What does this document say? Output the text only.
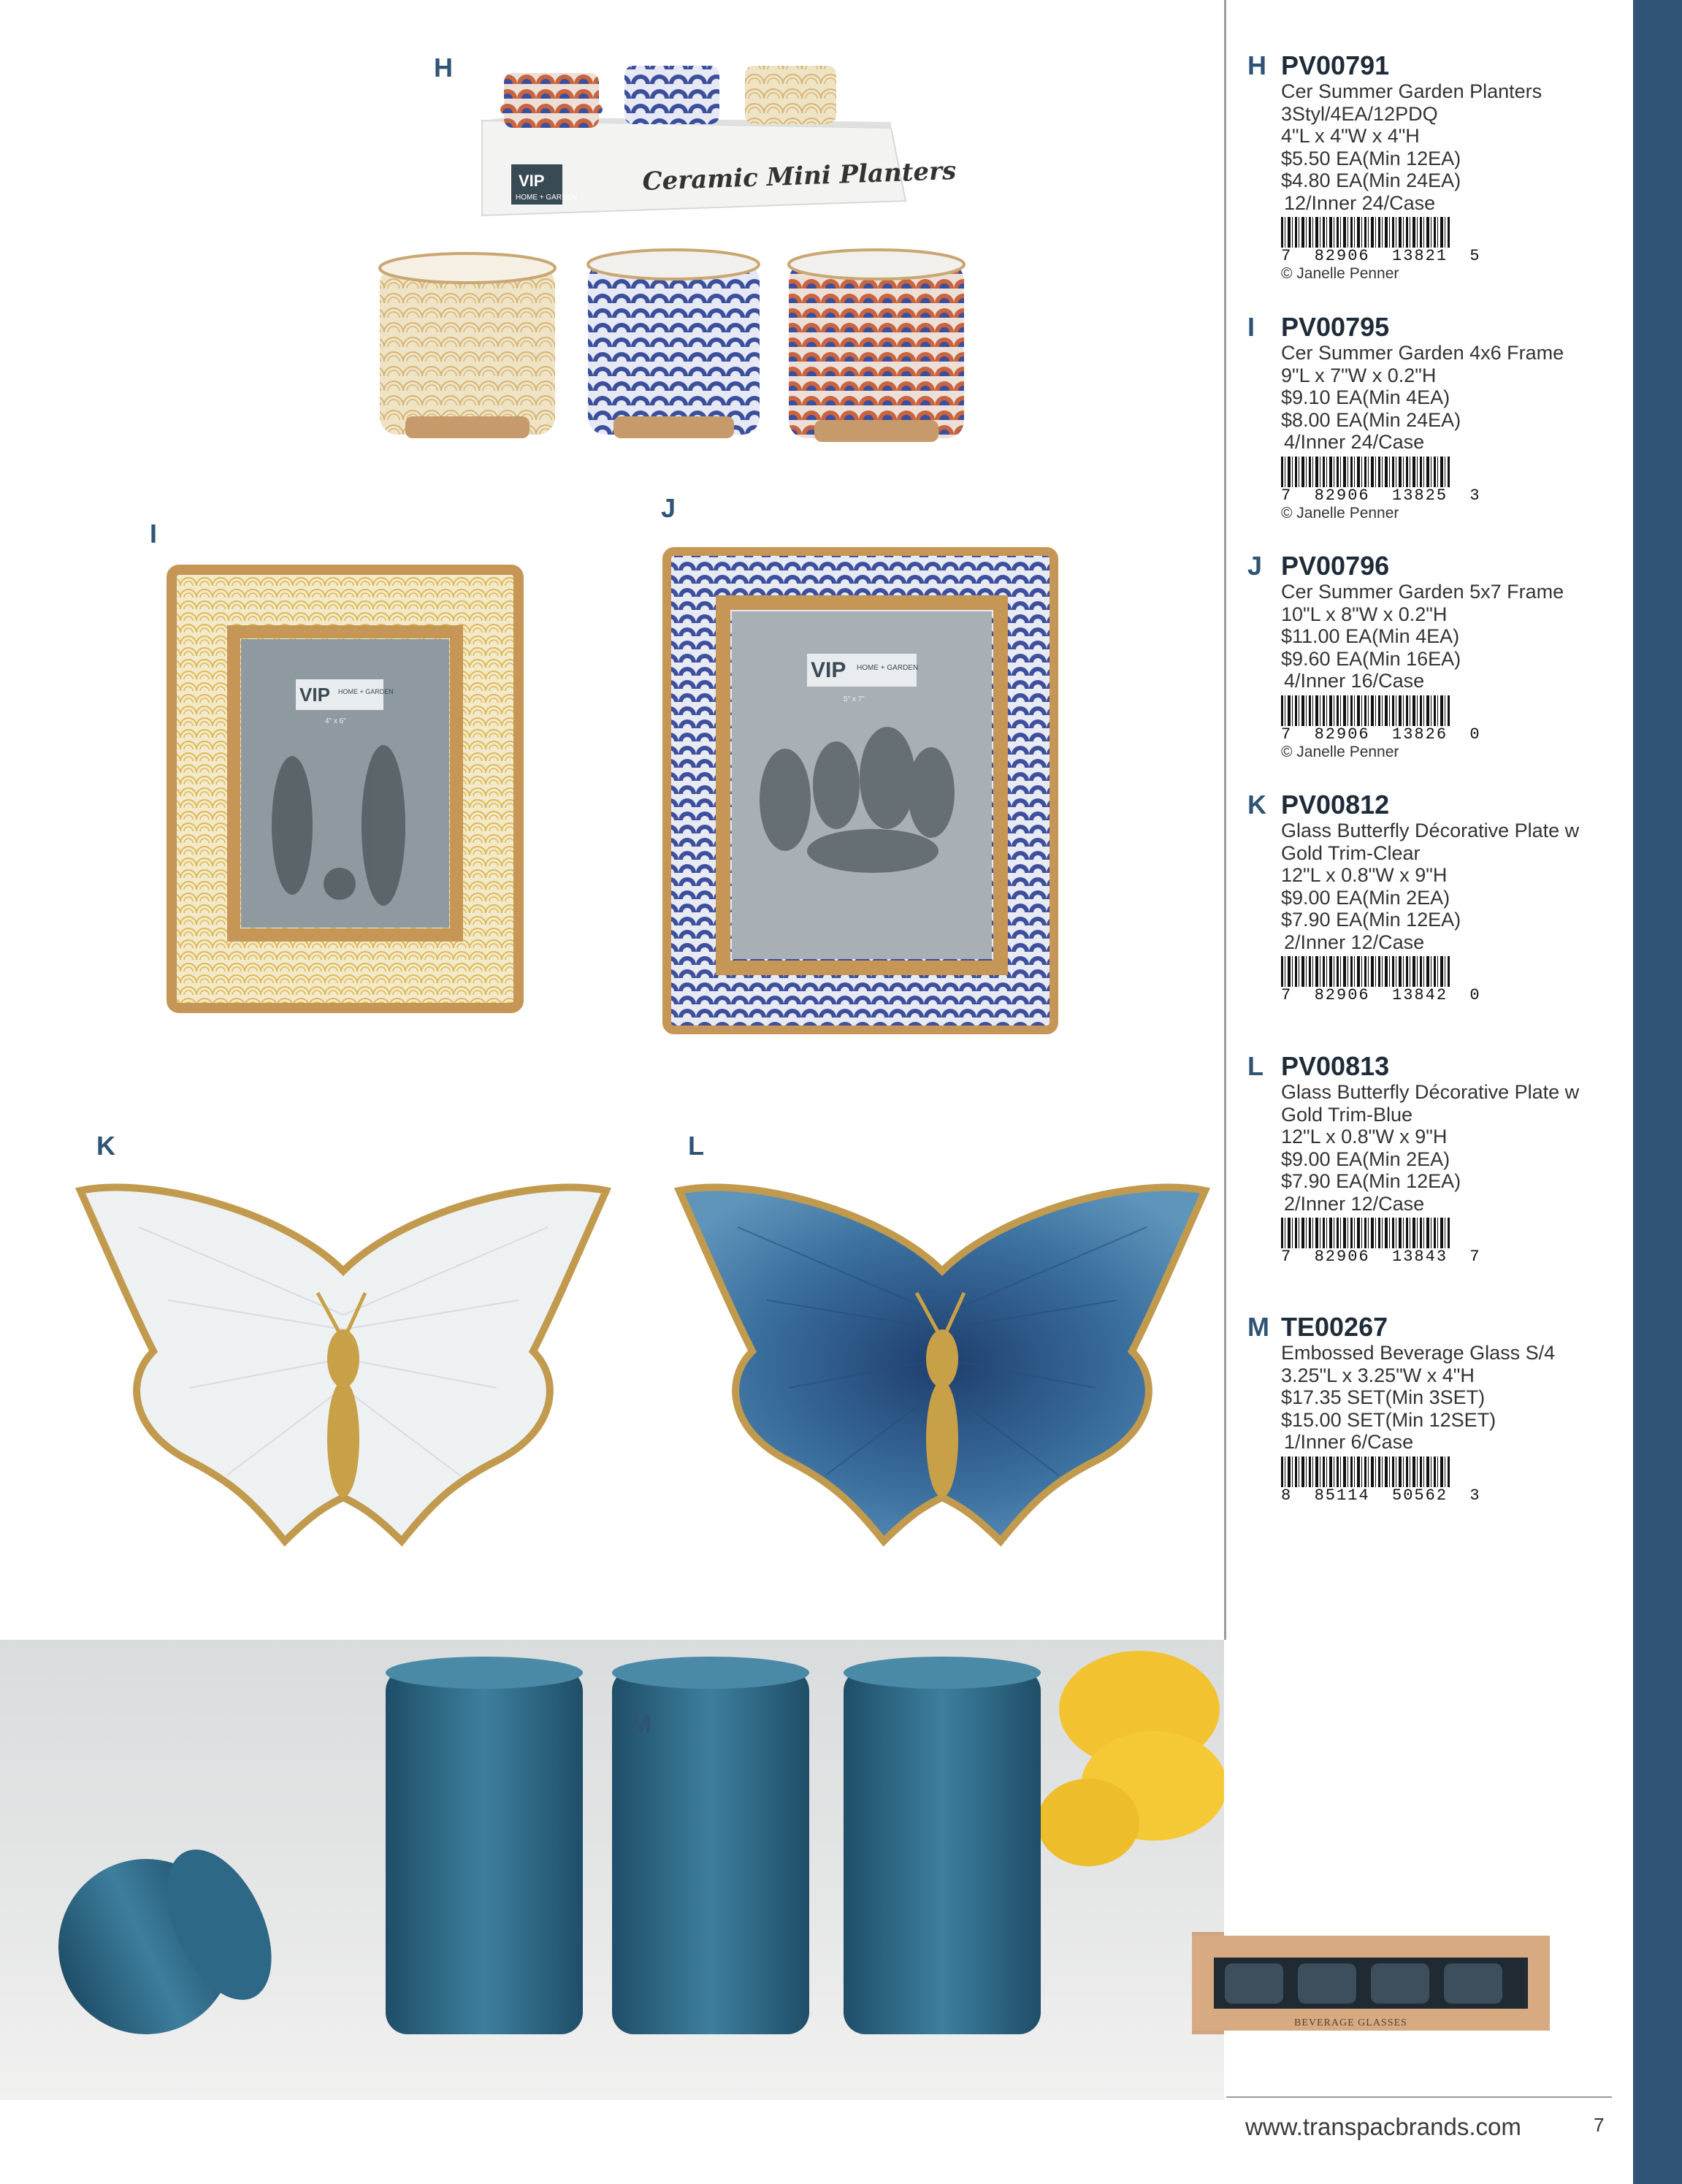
H
VIP
HOME + GARDEN
Ceramic Mini Planters
I
VIP HOME + GARDEN
4" x 6"
J
VIP HOME + GARDEN
5" x 7"
K	L
M
BEVERAGE GLASSES
H PV00791
Cer Summer Garden Planters
3Styl/4EA/12PDQ
4"L x 4"W x 4"H
$5.50 EA(Min 12EA)
$4.80 EA(Min 24EA)
12/Inner 24/Case
7  82906  13821  5
© Janelle Penner
I PV00795
Cer Summer Garden 4x6 Frame
9"L x 7"W x 0.2"H
$9.10 EA(Min 4EA)
$8.00 EA(Min 24EA)
4/Inner 24/Case
7  82906  13825  3
© Janelle Penner
J PV00796
Cer Summer Garden 5x7 Frame
10"L x 8"W x 0.2"H
$11.00 EA(Min 4EA)
$9.60 EA(Min 16EA)
4/Inner 16/Case
7  82906  13826  0
© Janelle Penner
K PV00812
Glass Butterfly Décorative Plate w
Gold Trim-Clear
12"L x 0.8"W x 9"H
$9.00 EA(Min 2EA)
$7.90 EA(Min 12EA)
2/Inner 12/Case
7  82906  13842  0
L PV00813
Glass Butterfly Décorative Plate w
Gold Trim-Blue
12"L x 0.8"W x 9"H
$9.00 EA(Min 2EA)
$7.90 EA(Min 12EA)
2/Inner 12/Case
7  82906  13843  7
M TE00267
Embossed Beverage Glass S/4
3.25"L x 3.25"W x 4"H
$17.35 SET(Min 3SET)
$15.00 SET(Min 12SET)
1/Inner 6/Case
8  85114  50562  3
www.transpacbrands.com	7
